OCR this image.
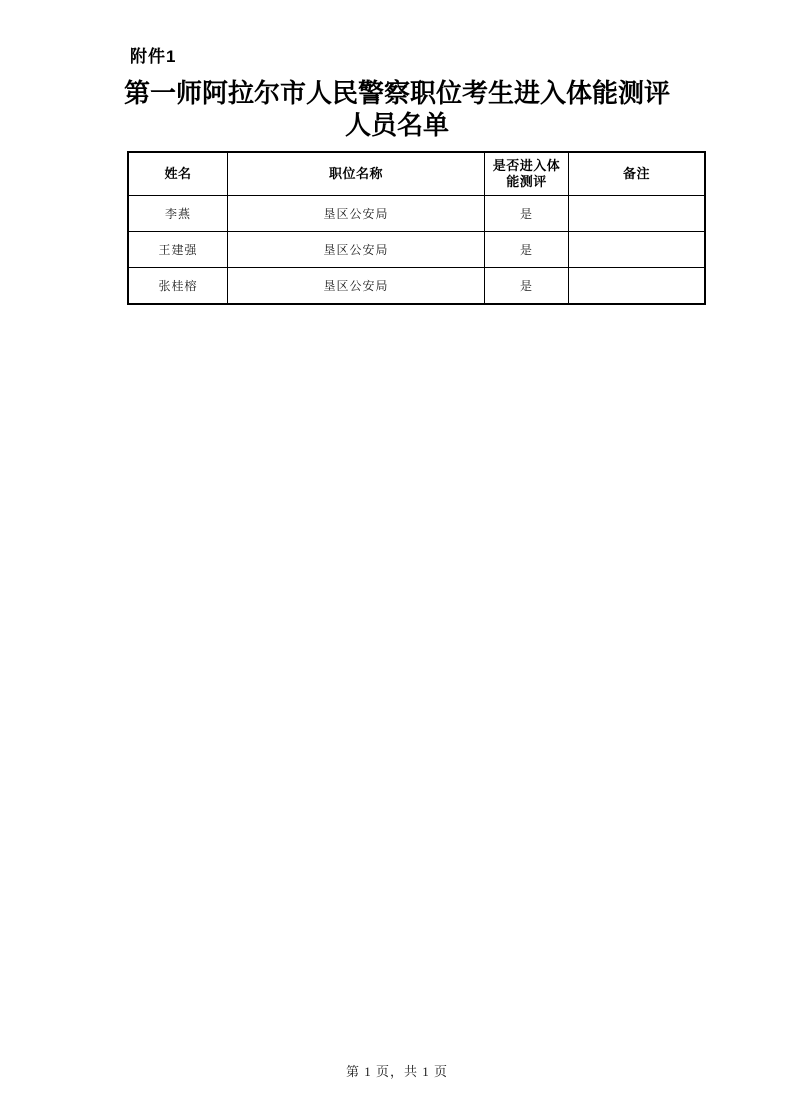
附件1
第一师阿拉尔市人民警察职位考生进入体能测评
人员名单
姓名	职位名称	是否进入体能测评	备注
李燕	垦区公安局	是	
王建强	垦区公安局	是	
张桂榕	垦区公安局	是	
第 1 页，共 1 页
